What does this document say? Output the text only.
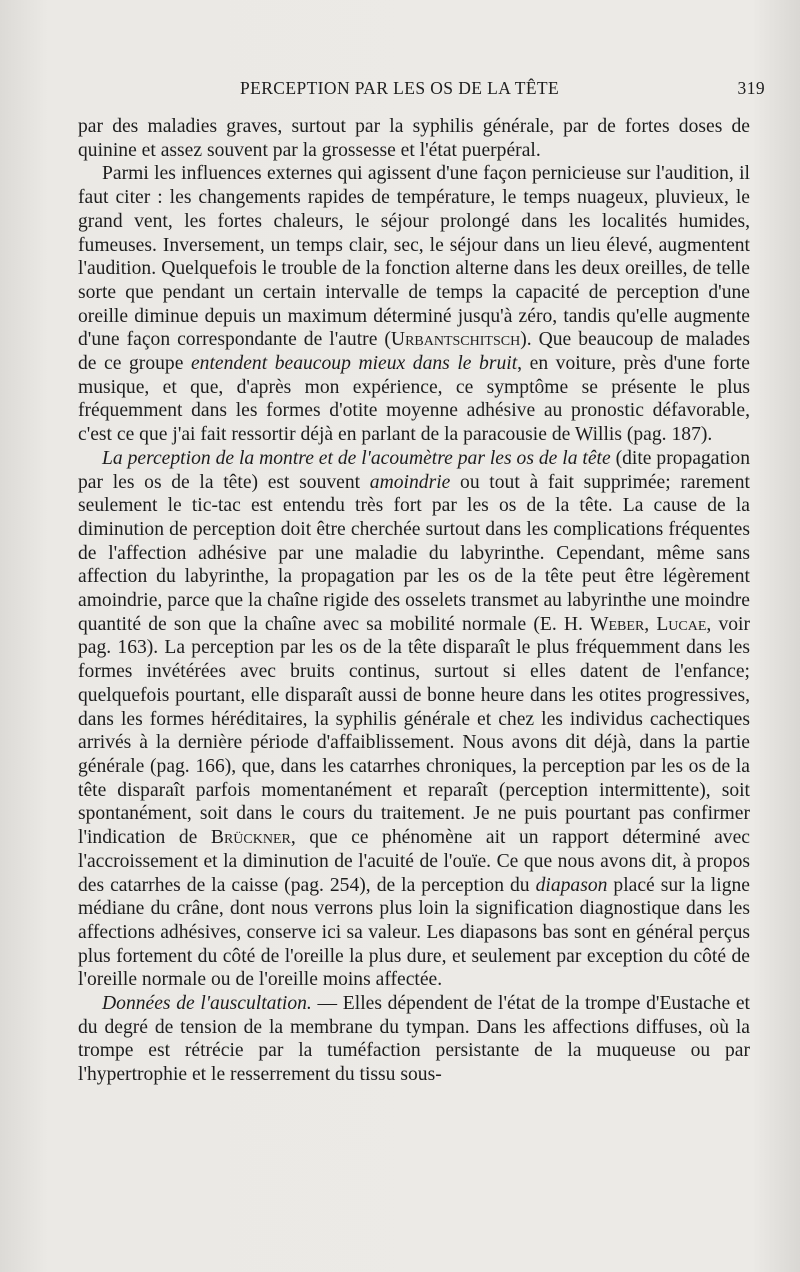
PERCEPTION PAR LES OS DE LA TÊTE	319

par des maladies graves, surtout par la syphilis générale, par de fortes doses de quinine et assez souvent par la grossesse et l'état puerpéral.

Parmi les influences externes qui agissent d'une façon pernicieuse sur l'audition, il faut citer : les changements rapides de température, le temps nuageux, pluvieux, le grand vent, les fortes chaleurs, le séjour prolongé dans les localités humides, fumeuses. Inversement, un temps clair, sec, le séjour dans un lieu élevé, augmentent l'audition. Quelquefois le trouble de la fonction alterne dans les deux oreilles, de telle sorte que pendant un certain intervalle de temps la capacité de perception d'une oreille diminue depuis un maximum déterminé jusqu'à zéro, tandis qu'elle augmente d'une façon correspondante de l'autre (Urbantschitsch). Que beaucoup de malades de ce groupe entendent beaucoup mieux dans le bruit, en voiture, près d'une forte musique, et que, d'après mon expérience, ce symptôme se présente le plus fréquemment dans les formes d'otite moyenne adhésive au pronostic défavorable, c'est ce que j'ai fait ressortir déjà en parlant de la paracousie de Willis (pag. 187).

La perception de la montre et de l'acoumètre par les os de la tête (dite propagation par les os de la tête) est souvent amoindrie ou tout à fait supprimée; rarement seulement le tic-tac est entendu très fort par les os de la tête. La cause de la diminution de perception doit être cherchée surtout dans les complications fréquentes de l'affection adhésive par une maladie du labyrinthe. Cependant, même sans affection du labyrinthe, la propagation par les os de la tête peut être légèrement amoindrie, parce que la chaîne rigide des osselets transmet au labyrinthe une moindre quantité de son que la chaîne avec sa mobilité normale (E. H. Weber, Lucae, voir pag. 163). La perception par les os de la tête disparaît le plus fréquemment dans les formes invétérées avec bruits continus, surtout si elles datent de l'enfance; quelquefois pourtant, elle disparaît aussi de bonne heure dans les otites progressives, dans les formes héréditaires, la syphilis générale et chez les individus cachectiques arrivés à la dernière période d'affaiblissement. Nous avons dit déjà, dans la partie générale (pag. 166), que, dans les catarrhes chroniques, la perception par les os de la tête disparaît parfois momentanément et reparaît (perception intermittente), soit spontanément, soit dans le cours du traitement. Je ne puis pourtant pas confirmer l'indication de Brückner, que ce phénomène ait un rapport déterminé avec l'accroissement et la diminution de l'acuité de l'ouïe. Ce que nous avons dit, à propos des catarrhes de la caisse (pag. 254), de la perception du diapason placé sur la ligne médiane du crâne, dont nous verrons plus loin la signification diagnostique dans les affections adhésives, conserve ici sa valeur. Les diapasons bas sont en général perçus plus fortement du côté de l'oreille la plus dure, et seulement par exception du côté de l'oreille normale ou de l'oreille moins affectée.

Données de l'auscultation. — Elles dépendent de l'état de la trompe d'Eustache et du degré de tension de la membrane du tympan. Dans les affections diffuses, où la trompe est rétrécie par la tuméfaction persistante de la muqueuse ou par l'hypertrophie et le resserrement du tissu sous-
